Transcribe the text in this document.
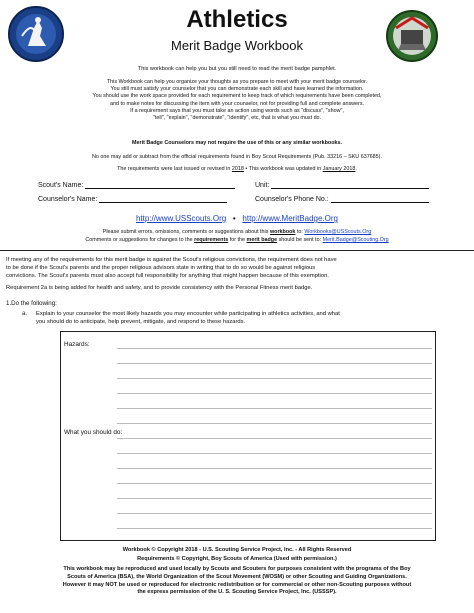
Athletics
Merit Badge Workbook
This workbook can help you but you still need to read the merit badge pamphlet.
This Workbook can help you organize your thoughts as you prepare to meet with your merit badge counselor.
You still must satisfy your counselor that you can demonstrate each skill and have learned the information.
You should use the work space provided for each requirement to keep track of which requirements have been completed,
and to make notes for discussing the item with your counselor, not for providing full and complete answers.
If a requirement says that you must take an action using words such as "discuss", "show",
"tell", "explain", "demonstrate", "identify", etc, that is what you must do.
Merit Badge Counselors may not require the use of this or any similar workbooks.
No one may add or subtract from the official requirements found in Boy Scout Requirements (Pub. 33216 – SKU 637685).
The requirements were last issued or revised in 2018 • This workbook was updated in January 2018.
Scout's Name:	Unit:
Counselor's Name:	Counselor's Phone No.:
http://www.USScouts.Org • http://www.MeritBadge.Org
Please submit errors, omissions, comments or suggestions about this workbook to: Workbooks@USScouts.Org
Comments or suggestions for changes to the requirements for the merit badge should be sent to: Merit.Badge@Scouting.Org
If meeting any of the requirements for this merit badge is against the Scout's religious convictions, the requirement does not have
to be done if the Scout's parents and the proper religious advisors state in writing that to do so would be against religious
convictions. The Scout's parents must also accept full responsibility for anything that might happen because of this exemption.
Requirement 2a is being added for health and safety, and to provide consistency with the Personal Fitness merit badge.
1.Do the following:
a. Explain to your counselor the most likely hazards you may encounter while participating in athletics activities, and what
you should do to anticipate, help prevent, mitigate, and respond to these hazards.
Hazards:
What you should do:
Workbook © Copyright 2018 - U.S. Scouting Service Project, Inc. - All Rights Reserved
Requirements © Copyright, Boy Scouts of America (Used with permission.)
This workbook may be reproduced and used locally by Scouts and Scouters for purposes consistent with the programs of the Boy
Scouts of America (BSA), the World Organization of the Scout Movement (WOSM) or other Scouting and Guiding Organizations.
However it may NOT be used or reproduced for electronic redistribution or for commercial or other non-Scouting purposes without
the express permission of the U. S. Scouting Service Project, Inc. (USSSP).
